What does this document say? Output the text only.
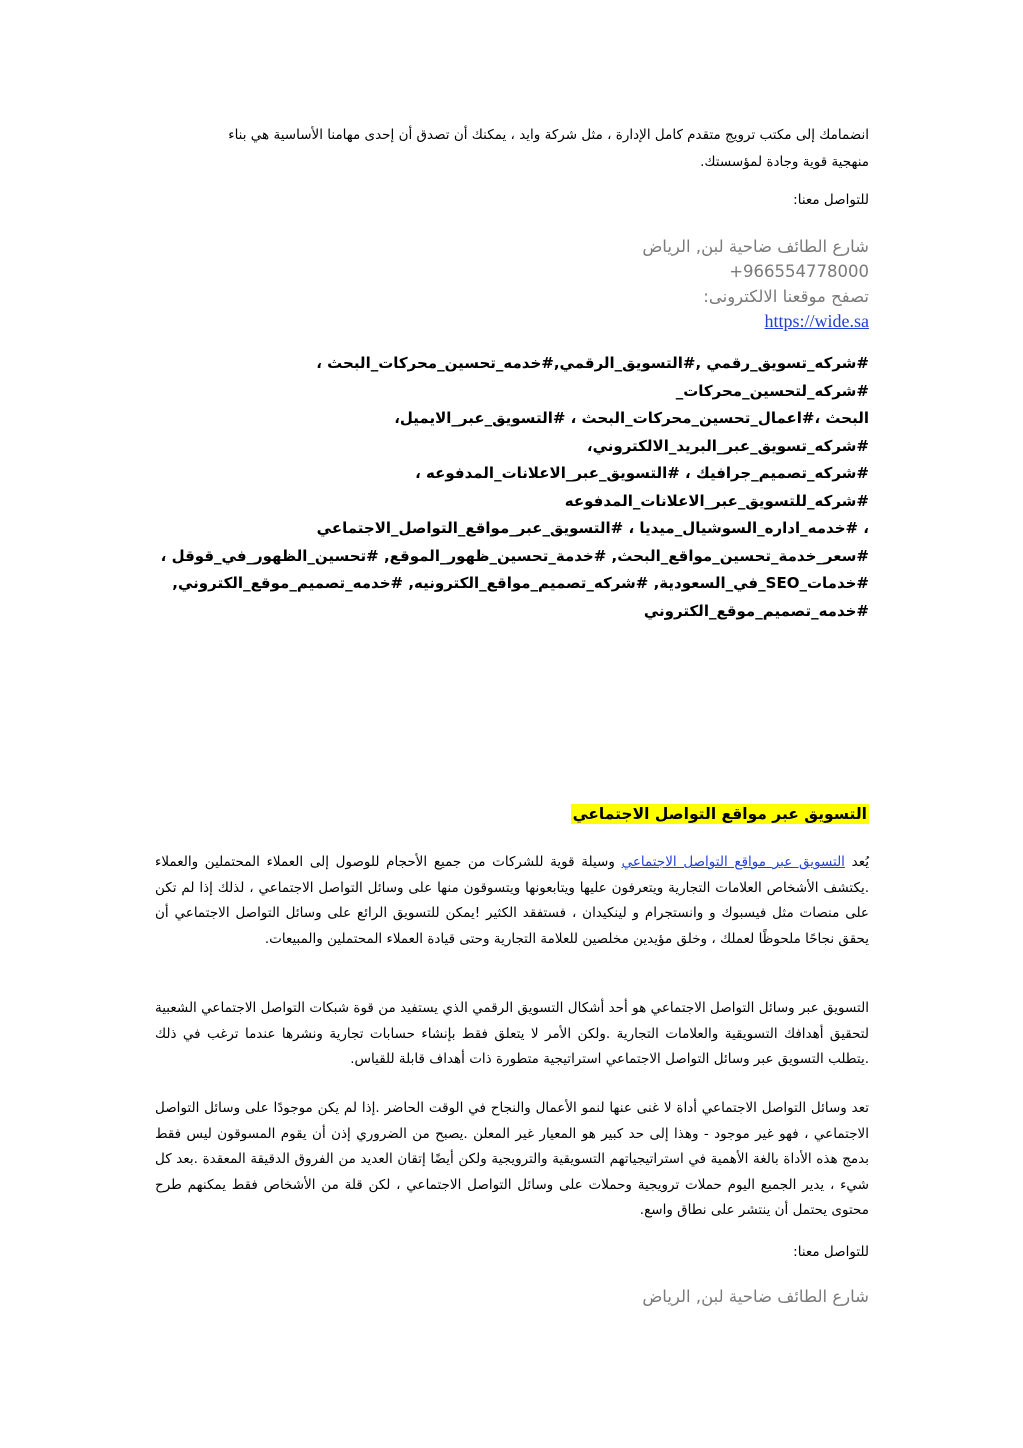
انضمامك إلى مكتب ترويج متقدم كامل الإدارة ، مثل شركة وايد ، يمكنك أن تصدق أن إحدى مهامنا الأساسية هي بناء
منهجية قوية وجادة لمؤسستك.
للتواصل معنا:
شارع الطائف ضاحية لبن, الرياض
+966554778000
تصفح موقعنا الالكترونى:
https://wide.sa
#شركه_تسويق_رقمي ,#التسويق_الرقمي,#خدمه_تحسين_محركات_البحث ، #شركه_لتحسين_محركات_
البحث ،#اعمال_تحسين_محركات_البحث ، #التسويق_عبر_الايميل، #شركه_تسويق_عبر_البريد_الالكتروني،
#شركه_تصميم_جرافيك ، #التسويق_عبر_الاعلانات_المدفوعه ، #شركه_للتسويق_عبر_الاعلانات_المدفوعه
، #خدمه_اداره_السوشيال_ميديا ، #التسويق_عبر_مواقع_التواصل_الاجتماعي
#سعر_خدمة_تحسين_مواقع_البحث, #خدمة_تحسين_ظهور_الموقع, #تحسين_الظهور_في_قوقل ،
#خدمات_SEO_في_السعودية, #شركه_تصميم_مواقع_الكترونيه, #خدمه_تصميم_موقع_الكتروني,
#خدمه_تصميم_موقع_الكتروني
التسويق عبر مواقع التواصل الاجتماعي
يُعد التسويق عبر مواقع التواصل الاجتماعي وسيلة قوية للشركات من جميع الأحجام للوصول إلى العملاء المحتملين والعملاء .يكتشف الأشخاص العلامات التجارية ويتعرفون عليها ويتابعونها ويتسوقون منها على وسائل التواصل الاجتماعي ، لذلك إذا لم تكن على منصات مثل فيسبوك و وانستجرام و لينكيدان ، فستفقد الكثير !يمكن للتسويق الرائع على وسائل التواصل الاجتماعي أن يحقق نجاحًا ملحوظًا لعملك ، وخلق مؤيدين مخلصين للعلامة التجارية وحتى قيادة العملاء المحتملين والمبيعات.
التسويق عبر وسائل التواصل الاجتماعي هو أحد أشكال التسويق الرقمي الذي يستفيد من قوة شبكات التواصل الاجتماعي الشعبية لتحقيق أهدافك التسويقية والعلامات التجارية .ولكن الأمر لا يتعلق فقط بإنشاء حسابات تجارية ونشرها عندما ترغب في ذلك .يتطلب التسويق عبر وسائل التواصل الاجتماعي استراتيجية متطورة ذات أهداف قابلة للقياس.
تعد وسائل التواصل الاجتماعي أداة لا غنى عنها لنمو الأعمال والنجاح في الوقت الحاضر .إذا لم يكن موجودًا على وسائل التواصل الاجتماعي ، فهو غير موجود - وهذا إلى حد كبير هو المعيار غير المعلن .يصبح من الضروري إذن أن يقوم المسوقون ليس فقط بدمج هذه الأداة بالغة الأهمية في استراتيجياتهم التسويقية والترويجية ولكن أيضًا إتقان العديد من الفروق الدقيقة المعقدة .بعد كل شيء ، يدير الجميع اليوم حملات ترويجية وحملات على وسائل التواصل الاجتماعي ، لكن قلة من الأشخاص فقط يمكنهم طرح محتوى يحتمل أن ينتشر على نطاق واسع.
للتواصل معنا:
شارع الطائف ضاحية لبن, الرياض
